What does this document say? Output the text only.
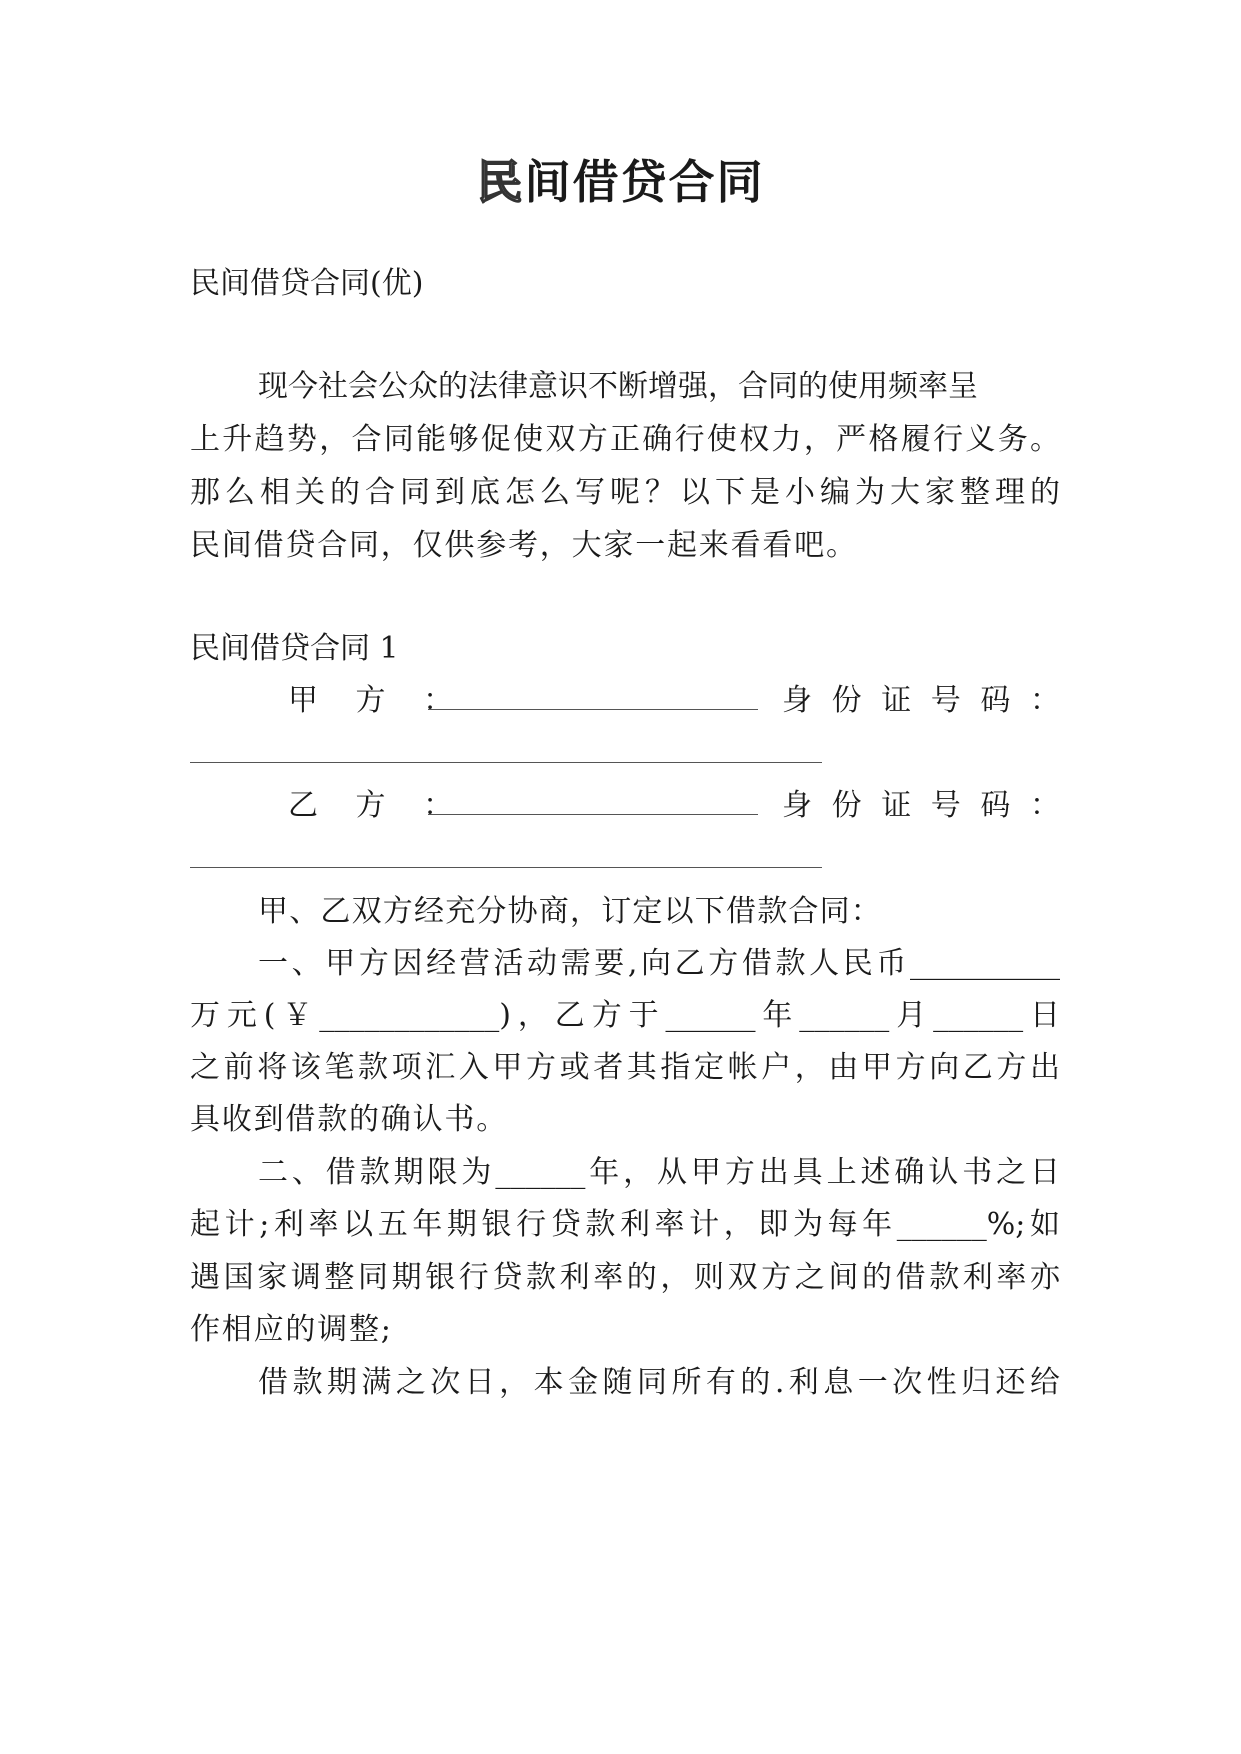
民间借贷合同
民间借贷合同(优)
现今社会公众的法律意识不断增强，合同的使用频率呈
上升趋势，合同能够促使双方正确行使权力，严格履行义务。
那么相关的合同到底怎么写呢？以下是小编为大家整理的
民间借贷合同，仅供参考，大家一起来看看吧。
民间借贷合同 1
甲 方 ：	身份证号码：
乙 方 ：	身份证号码：
甲、乙双方经充分协商，订定以下借款合同：
一、甲方因经营活动需要,向乙方借款人民币__________
万元(￥____________)，乙方于______年______月______日
之前将该笔款项汇入甲方或者其指定帐户，由甲方向乙方出
具收到借款的确认书。
二、借款期限为______年，从甲方出具上述确认书之日
起计;利率以五年期银行贷款利率计，即为每年______%;如
遇国家调整同期银行贷款利率的，则双方之间的借款利率亦
作相应的调整;
借款期满之次日，本金随同所有的.利息一次性归还给
